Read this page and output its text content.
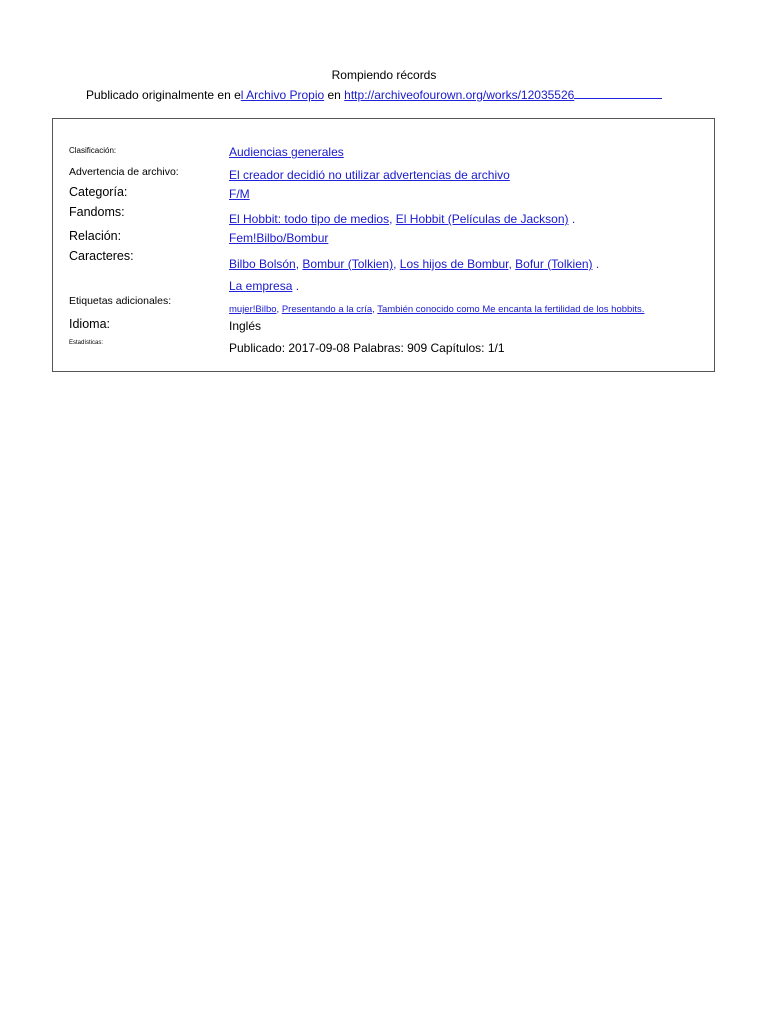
Rompiendo récords
Publicado originalmente en el Archivo Propio en http://archiveofourown.org/works/12035526
Clasificación:	Audiencias generales
Advertencia de archivo:	El creador decidió no utilizar advertencias de archivo
Categoría:	F/M
Fandoms:	El Hobbit: todo tipo de medios, El Hobbit (Películas de Jackson) .
Relación:	Fem!Bilbo/Bombur
Caracteres:
Bilbo Bolsón, Bombur (Tolkien), Los hijos de Bombur, Bofur (Tolkien) .
La empresa .
Etiquetas adicionales:
mujer!Bilbo, Presentando a la cría, También conocido como Me encanta la fertilidad de los hobbits.
Idioma:	Inglés
Estadísticas:	Publicado: 2017-09-08 Palabras: 909 Capítulos: 1/1
